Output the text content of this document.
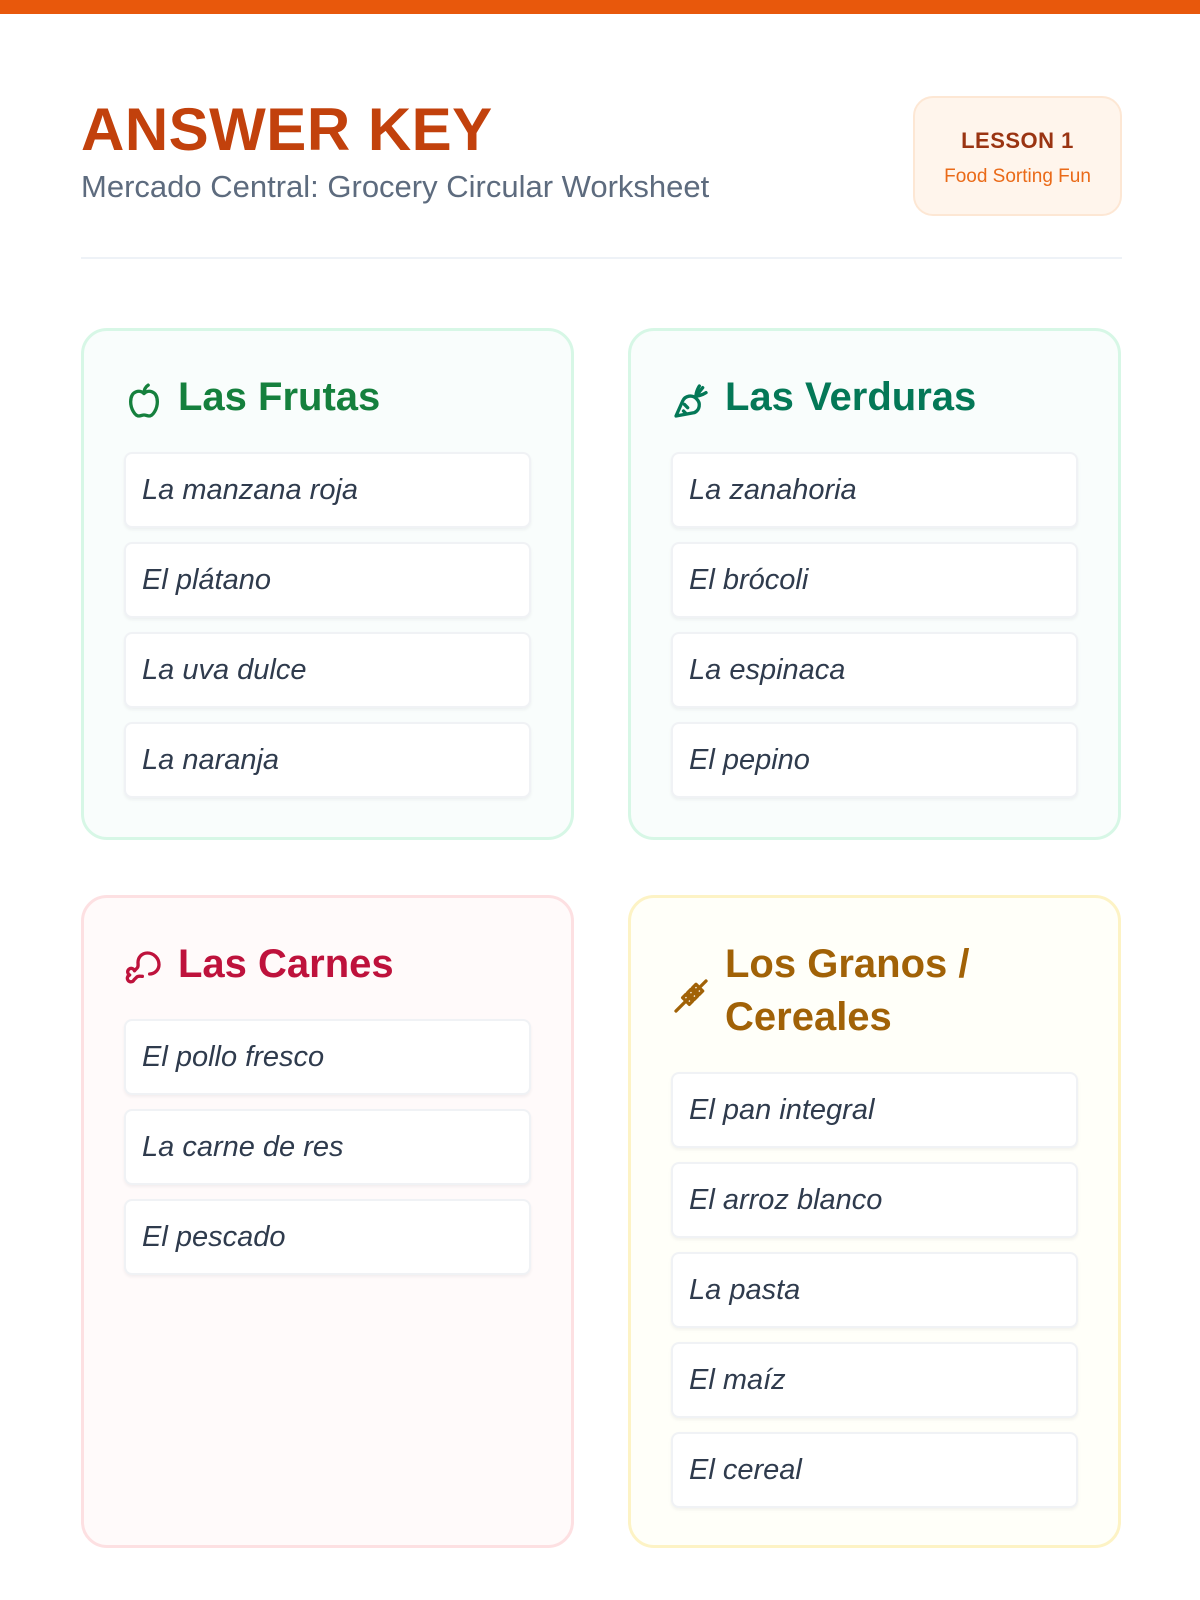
ANSWER KEY

Mercado Central: Grocery Circular Worksheet

LESSON 1
Food Sorting Fun
Las Frutas
La manzana roja
El plátano
La uva dulce
La naranja
Las Verduras
La zanahoria
El brócoli
La espinaca
El pepino
Las Carnes
El pollo fresco
La carne de res
El pescado
Los Granos /
Cereales
El pan integral
El arroz blanco
La pasta
El maíz
El cereal
